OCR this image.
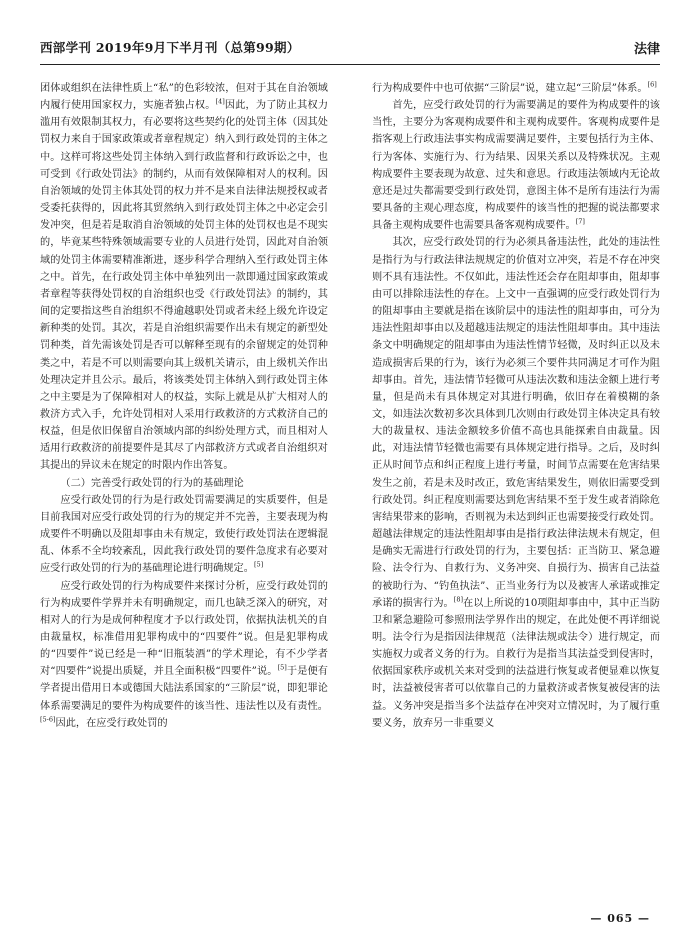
西部学刊 2019年9月下半月刊（总第99期）	法律

团体或组织在法律性质上“私”的色彩较浓，但对于其在自治领域内履行使用国家权力，实施者独占权。[4]因此，为了防止其权力滥用有效限制其权力，有必要将这些契约化的处罚主体（因其处罚权力来自于国家政策或者章程规定）纳入到行政处罚的主体之中。这样可将这些处罚主体纳入到行政监督和行政诉讼之中，也可受到《行政处罚法》的制约，从而有效保障相对人的权利。因自治领域的处罚主体其处罚的权力并不是来自法律法规授权或者受委托获得的，因此将其贸然纳入到行政处罚主体之中必定会引发冲突，但是若是取消自治领域的处罚主体的处罚权也是不现实的，毕竟某些特殊领域需要专业的人员进行处罚，因此对自治领域的处罚主体需要精准渐进，逐步科学合理纳入至行政处罚主体之中。首先，在行政处罚主体中单独列出一款即通过国家政策或者章程等获得处罚权的自治组织也受《行政处罚法》的制约，其间的定要指这些自治组织不得逾越职处罚或者未经上级允许设定新种类的处罚。其次，若是自治组织需要作出未有规定的新型处罚种类，首先需该处罚是否可以解释至现有的余留规定的处罚种类之中，若是不可以则需要向其上级机关请示，由上级机关作出处理决定并且公示。最后，将该类处罚主体纳入到行政处罚主体之中主要是为了保障相对人的权益，实际上就是从扩大相对人的救济方式入手，允许处罚相对人采用行政救济的方式救济自己的权益，但是依旧保留自治领域内部的纠纷处理方式，而且相对人适用行政救济的前提要件是其尽了内部救济方式或者自治组织对其提出的异议未在规定的时限内作出答复。

（二）完善受行政处罚的行为的基础理论

应受行政处罚的行为是行政处罚需要满足的实质要件，但是目前我国对应受行政处罚的行为的规定并不完善，主要表现为构成要件不明确以及阻却事由未有规定，致使行政处罚法在逻辑混乱、体系不全均较紊乱，因此我行政处罚的要件急度求有必要对应受行政处罚的行为的基础理论进行明确规定。[5]

应受行政处罚的行为构成要件来探讨分析，应受行政处罚的行为构成要件学界并未有明确规定，而几也缺乏深入的研究，对相对人的行为是成何种程度才予以行政处罚，依据执法机关的自由裁量权，标准借用犯罪构成中的“四要件”说。但是犯罪构成的“四要件”说已经是一种“旧瓶装酒”的学术理论，有不少学者对“四要件”说提出质疑，并且全面积极“四要件”说。[5]于是便有学者提出借用日本或德国大陆法系国家的“三阶层”说，即犯罪论体系需要满足的要件为构成要件的该当性、违法性以及有责性。[5-6]因此，在应受行政处罚的

行为构成要件中也可依据“三阶层”说，建立起“三阶层”体系。[6]

首先，应受行政处罚的行为需要满足的要件为构成要件的该当性，主要分为客观构成要件和主观构成要件。客观构成要件是指客观上行政违法事实构成需要满足要件，主要包括行为主体、行为客体、实施行为、行为结果、因果关系以及特殊状况。主观构成要件主要表现为故意、过失和意思。行政违法领域内无论故意还是过失都需要受到行政处罚，意图主体不是所有违法行为需要具备的主观心理态度，构成要件的该当性的把握的说法都要求具备主观构成要件也需要具备客观构成要件。[7]

其次，应受行政处罚的行为必须具备违法性，此处的违法性是指行为与行政法律法规规定的价值对立冲突，若是不存在冲突则不具有违法性。不仅如此，违法性还会存在阻却事由，阻却事由可以排除违法性的存在。上文中一直强调的应受行政处罚行为的阻却事由主要就是指在该阶层中的违法性的阻却事由，可分为违法性阻却事由以及超越违法规定的违法性阻却事由。其中违法条文中明确规定的阻却事由为违法性情节轻微，及时纠正以及未造成损害后果的行为，该行为必须三个要件共同满足才可作为阻却事由。首先，违法情节轻微可从违法次数和违法金额上进行考量，但是尚未有具体规定对其进行明确，依旧存在着模糊的条文，如违法次数初多次具体到几次则由行政处罚主体决定具有较大的裁量权、违法金额较多价值不高也具能探索自由裁量。因此，对违法情节轻微也需要有具体规定进行指导。之后，及时纠正从时间节点和纠正程度上进行考量，时间节点需要在危害结果发生之前，若是未及时改正，致危害结果发生，则依旧需要受到行政处罚。纠正程度则需要达到危害结果不至于发生或者消除危害结果带来的影响，否则视为未达到纠正也需要接受行政处罚。超越法律规定的违法性阻却事由是指行政法律法规未有规定，但是确实无需进行行政处罚的行为，主要包括：正当防卫、紧急避险、法令行为、自救行为、义务冲突、自损行为、损害自己法益的被助行为、“钓鱼执法”、正当业务行为以及被害人承诺或推定承诺的损害行为。[8]在以上所说的10项阻却事由中，其中正当防卫和紧急避险可参照刑法学界作出的规定，在此处便不再详细说明。法令行为是指因法律规范（法律法规或法令）进行规定，而实施权力或者义务的行为。自救行为是指当其法益受到侵害时，依据国家秩序或机关来对受到的法益进行恢复或者便显难以恢复时，法益被侵害者可以依靠自己的力量救济或者恢复被侵害的法益。义务冲突是指当多个法益存在冲突对立情况时，为了履行重要义务，放弃另一非重要义

— 065 —
